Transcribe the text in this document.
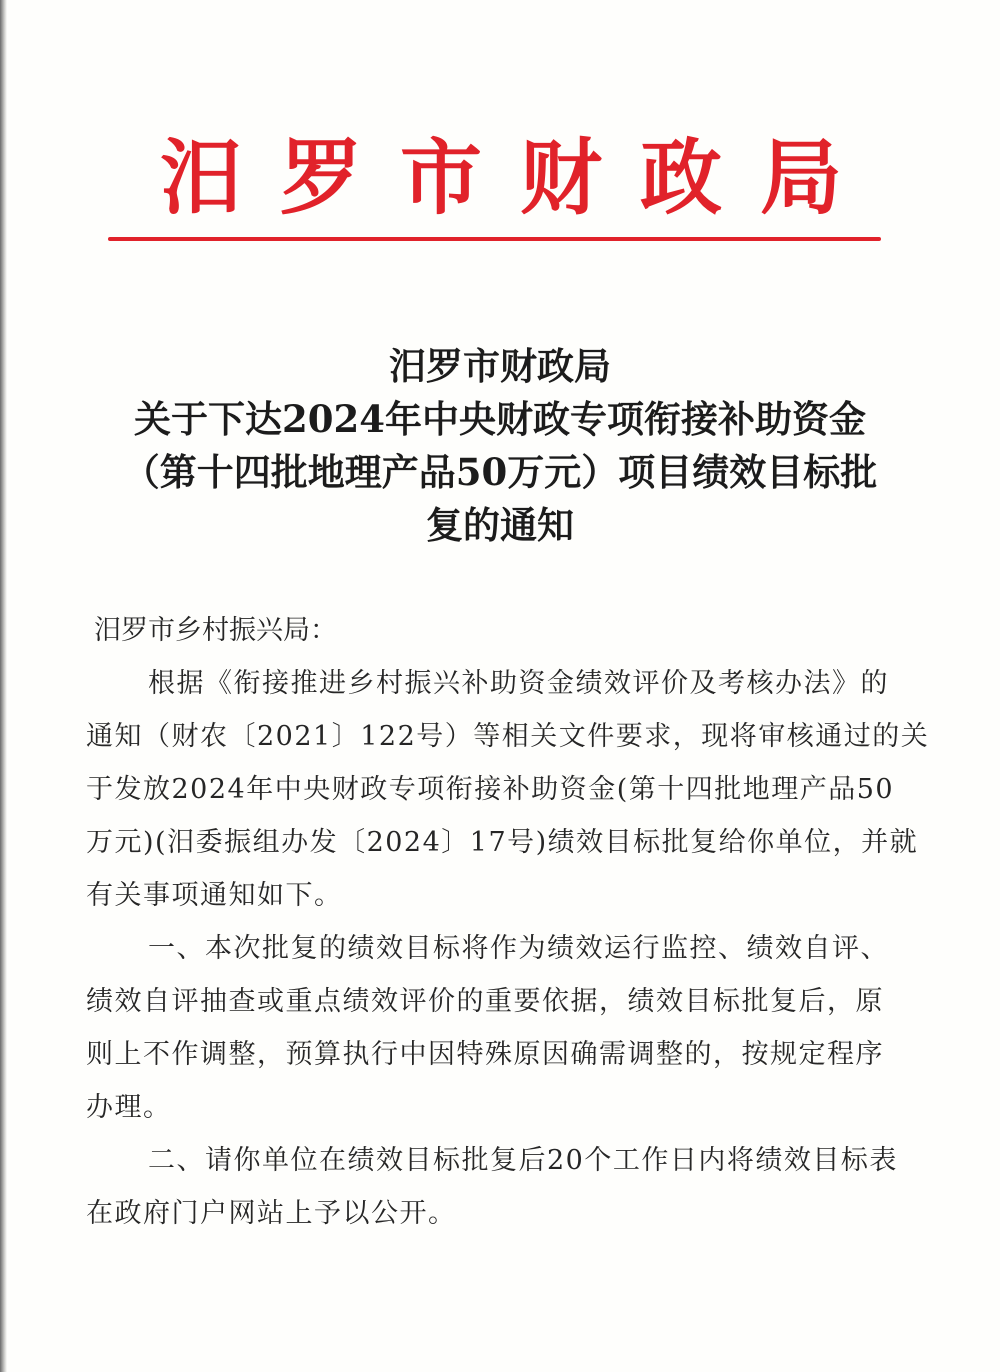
汨罗市财政局
汨罗市财政局
关于下达2024年中央财政专项衔接补助资金
（第十四批地理产品50万元）项目绩效目标批
复的通知

汨罗市乡村振兴局：

根据《衔接推进乡村振兴补助资金绩效评价及考核办法》的
通知（财农〔2021〕122号）等相关文件要求，现将审核通过的关
于发放2024年中央财政专项衔接补助资金(第十四批地理产品50
万元)(汨委振组办发〔2024〕17号)绩效目标批复给你单位，并就
有关事项通知如下。

一、本次批复的绩效目标将作为绩效运行监控、绩效自评、
绩效自评抽查或重点绩效评价的重要依据，绩效目标批复后，原
则上不作调整，预算执行中因特殊原因确需调整的，按规定程序
办理。

二、请你单位在绩效目标批复后20个工作日内将绩效目标表
在政府门户网站上予以公开。
